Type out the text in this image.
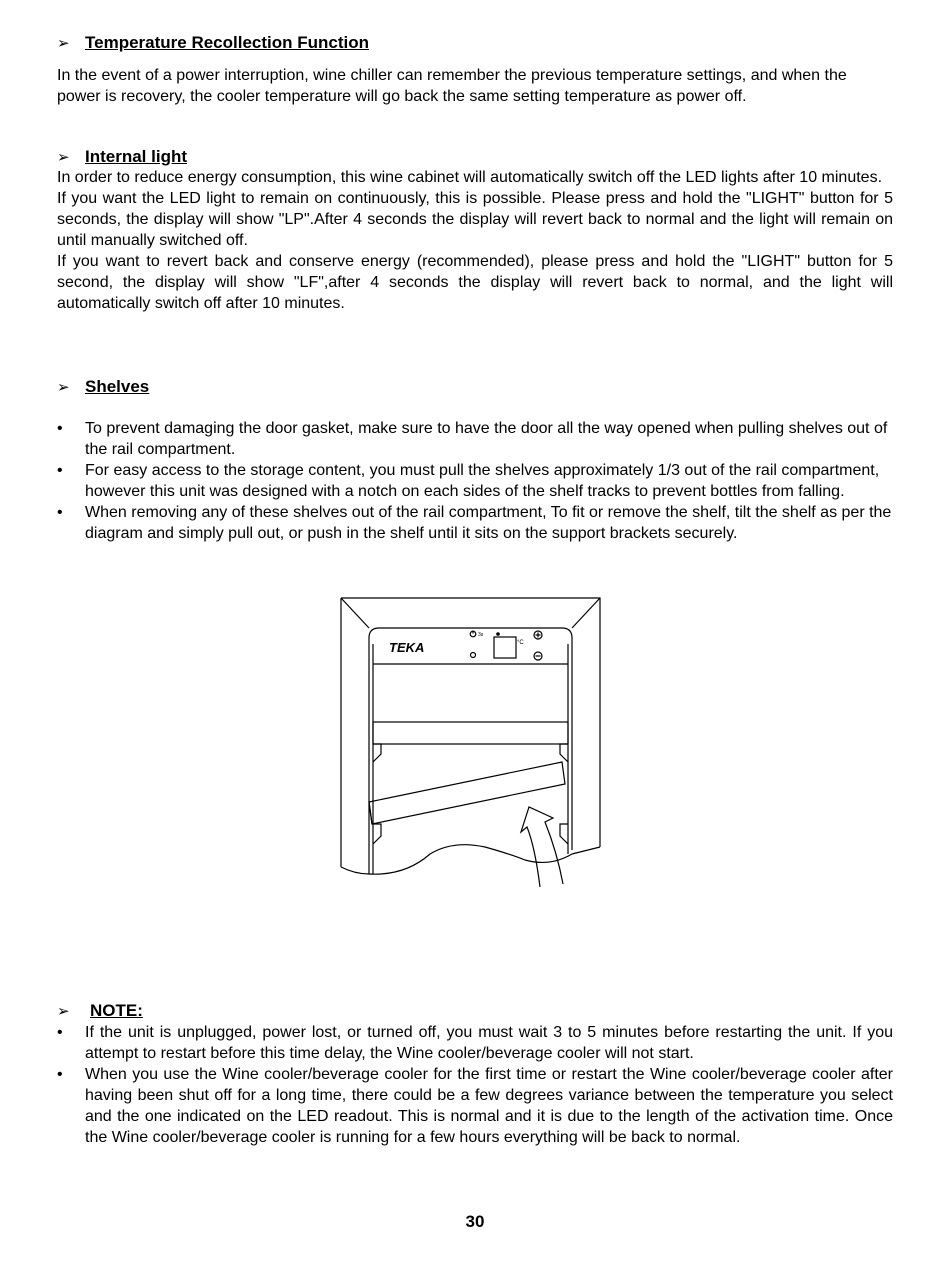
➢ Temperature Recollection Function
In the event of a power interruption, wine chiller can remember the previous temperature settings, and when the power is recovery, the cooler temperature will go back the same setting temperature as power off.
➢ Internal light
In order to reduce energy consumption, this wine cabinet will automatically switch off the LED lights after 10 minutes.
If you want the LED light to remain on continuously, this is possible. Please press and hold the "LIGHT" button for 5 seconds, the display will show "LP".After 4 seconds the display will revert back to normal and the light will remain on until manually switched off.
If you want to revert back and conserve energy (recommended), please press and hold the "LIGHT" button for 5 second, the display will show "LF",after 4 seconds the display will revert back to normal, and the light will automatically switch off after 10 minutes.
➢ Shelves
• To prevent damaging the door gasket, make sure to have the door all the way opened when pulling shelves out of the rail compartment.
• For easy access to the storage content, you must pull the shelves approximately 1/3 out of the rail compartment, however this unit was designed with a notch on each sides of the shelf tracks to prevent bottles from falling.
• When removing any of these shelves out of the rail compartment, To fit or remove the shelf, tilt the shelf as per the diagram and simply pull out, or push in the shelf until it sits on the support brackets securely.
TEKA	°C
3s
➢ NOTE:
• If the unit is unplugged, power lost, or turned off, you must wait 3 to 5 minutes before restarting the unit. If you attempt to restart before this time delay, the Wine cooler/beverage cooler will not start.
• When you use the Wine cooler/beverage cooler for the first time or restart the Wine cooler/beverage cooler after having been shut off for a long time, there could be a few degrees variance between the temperature you select and the one indicated on the LED readout. This is normal and it is due to the length of the activation time. Once the Wine cooler/beverage cooler is running for a few hours everything will be back to normal.
30
